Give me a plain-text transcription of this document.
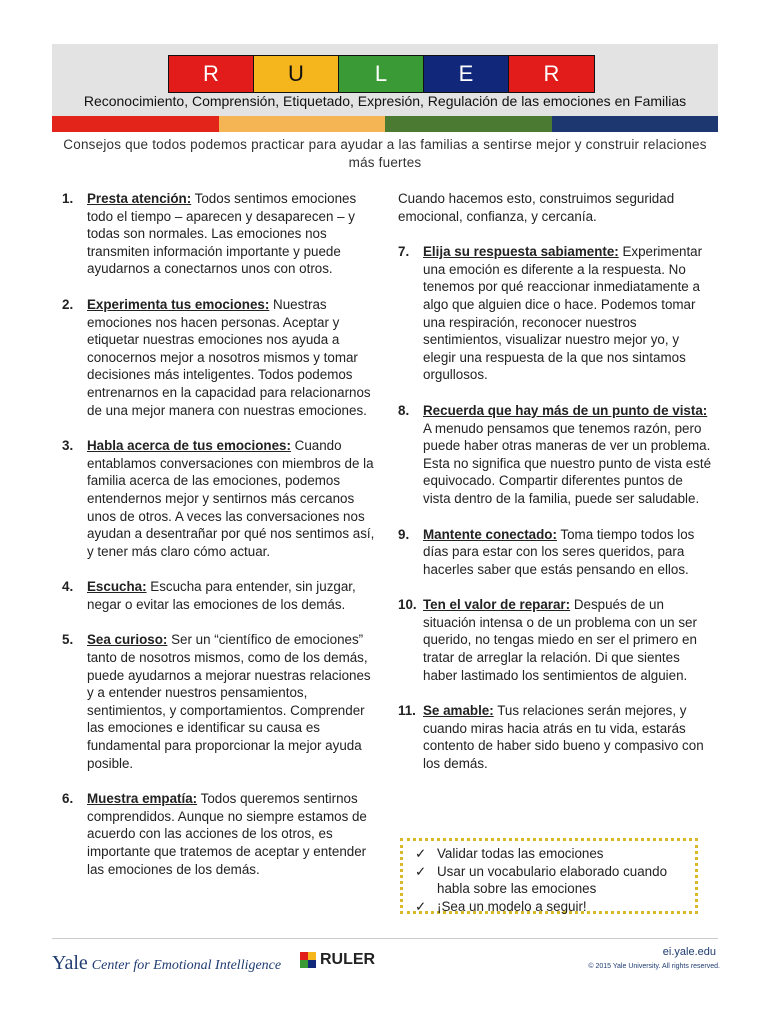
R	U	L	E	R
Reconocimiento, Comprensión, Etiquetado, Expresión, Regulación de las emociones en Familias
Consejos que todos podemos practicar para ayudar a las familias a sentirse mejor y construir relaciones más fuertes
1. Presta atención: Todos sentimos emociones todo el tiempo – aparecen y desaparecen – y todas son normales. Las emociones nos transmiten información importante y puede ayudarnos a conectarnos unos con otros.
2. Experimenta tus emociones: Nuestras emociones nos hacen personas. Aceptar y etiquetar nuestras emociones nos ayuda a conocernos mejor a nosotros mismos y tomar decisiones más inteligentes. Todos podemos entrenarnos en la capacidad para relacionarnos de una mejor manera con nuestras emociones.
3. Habla acerca de tus emociones: Cuando entablamos conversaciones con miembros de la familia acerca de las emociones, podemos entendernos mejor y sentirnos más cercanos unos de otros. A veces las conversaciones nos ayudan a desentrañar por qué nos sentimos así, y tener más claro cómo actuar.
4. Escucha: Escucha para entender, sin juzgar, negar o evitar las emociones de los demás.
5. Sea curioso: Ser un “científico de emociones” tanto de nosotros mismos, como de los demás, puede ayudarnos a mejorar nuestras relaciones y a entender nuestros pensamientos, sentimientos, y comportamientos. Comprender las emociones e identificar su causa es fundamental para proporcionar la mejor ayuda posible.
6. Muestra empatía: Todos queremos sentirnos comprendidos. Aunque no siempre estamos de acuerdo con las acciones de los otros, es importante que tratemos de aceptar y entender las emociones de los demás.
Cuando hacemos esto, construimos seguridad emocional, confianza, y cercanía.
7. Elija su respuesta sabiamente: Experimentar una emoción es diferente a la respuesta. No tenemos por qué reaccionar inmediatamente a algo que alguien dice o hace. Podemos tomar una respiración, reconocer nuestros sentimientos, visualizar nuestro mejor yo, y elegir una respuesta de la que nos sintamos orgullosos.
8. Recuerda que hay más de un punto de vista: A menudo pensamos que tenemos razón, pero puede haber otras maneras de ver un problema. Esta no significa que nuestro punto de vista esté equivocado. Compartir diferentes puntos de vista dentro de la familia, puede ser saludable.
9. Mantente conectado: Toma tiempo todos los días para estar con los seres queridos, para hacerles saber que estás pensando en ellos.
10. Ten el valor de reparar: Después de un situación intensa o de un problema con un ser querido, no tengas miedo en ser el primero en tratar de arreglar la relación. Di que sientes haber lastimado los sentimientos de alguien.
11. Se amable: Tus relaciones serán mejores, y cuando miras hacia atrás en tu vida, estarás contento de haber sido bueno y compasivo con los demás.
✓ Validar todas las emociones
✓ Usar un vocabulario elaborado cuando habla sobre las emociones
✓ ¡Sea un modelo a seguir!
Yale Center for Emotional Intelligence RULER	ei.yale.edu
© 2015 Yale University. All rights reserved.
